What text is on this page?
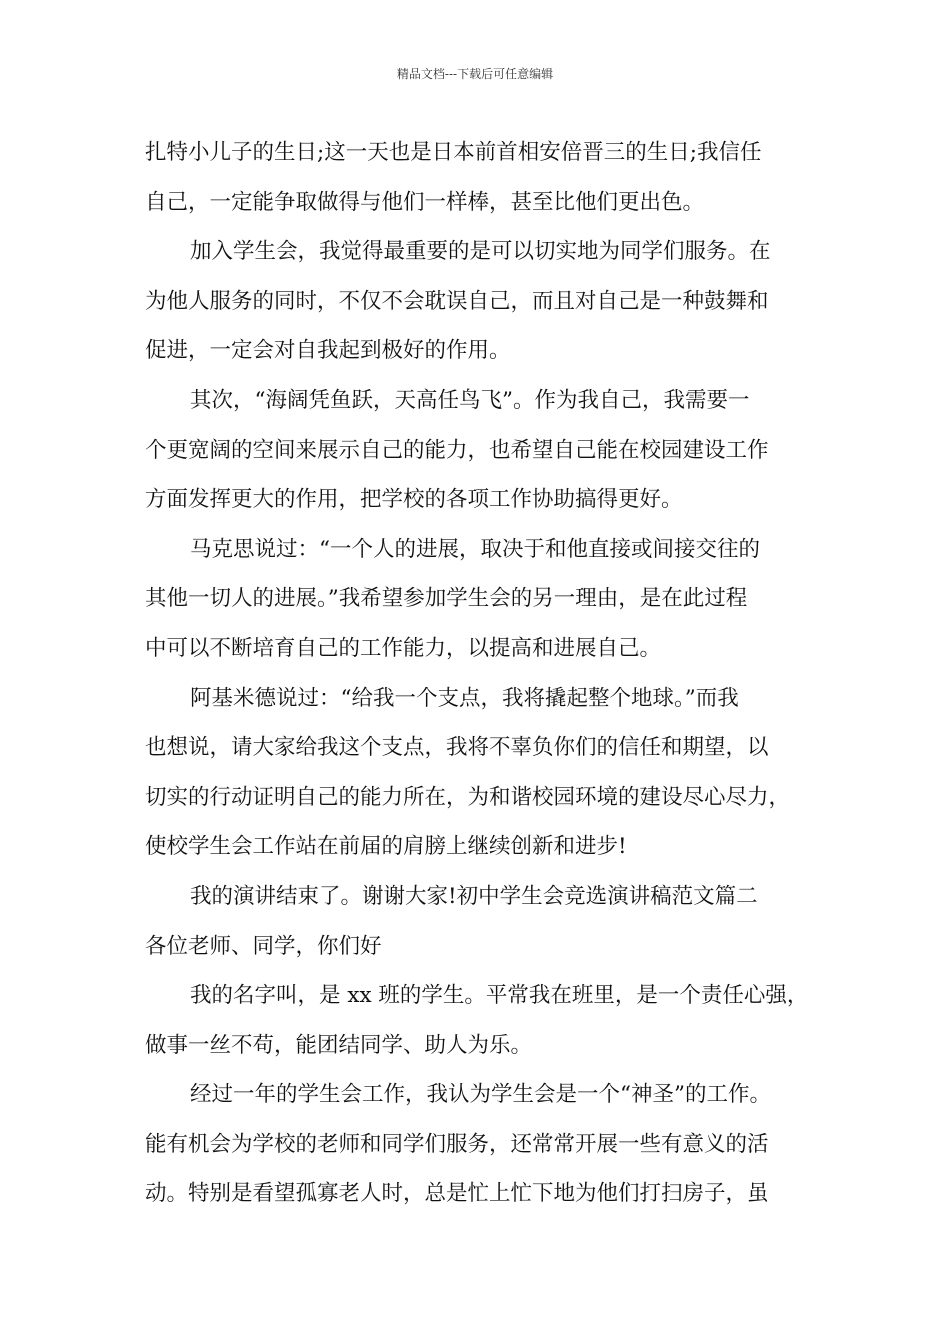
精品文档---下载后可任意编辑
扎特小儿子的生日;这一天也是日本前首相安倍晋三的生日;我信任
自己，一定能争取做得与他们一样棒，甚至比他们更出色。
加入学生会，我觉得最重要的是可以切实地为同学们服务。在
为他人服务的同时，不仅不会耽误自己，而且对自己是一种鼓舞和
促进，一定会对自我起到极好的作用。
其次，“海阔凭鱼跃，天高任鸟飞”。作为我自己，我需要一
个更宽阔的空间来展示自己的能力，也希望自己能在校园建设工作
方面发挥更大的作用，把学校的各项工作协助搞得更好。
马克思说过：“一个人的进展，取决于和他直接或间接交往的
其他一切人的进展。”我希望参加学生会的另一理由，是在此过程
中可以不断培育自己的工作能力，以提高和进展自己。
阿基米德说过：“给我一个支点，我将撬起整个地球。”而我
也想说，请大家给我这个支点，我将不辜负你们的信任和期望，以
切实的行动证明自己的能力所在，为和谐校园环境的建设尽心尽力，
使校学生会工作站在前届的肩膀上继续创新和进步!
我的演讲结束了。谢谢大家!初中学生会竞选演讲稿范文篇二
各位老师、同学，你们好
我的名字叫，是 xx 班的学生。平常我在班里，是一个责任心强，
做事一丝不苟，能团结同学、助人为乐。
经过一年的学生会工作，我认为学生会是一个“神圣”的工作。
能有机会为学校的老师和同学们服务，还常常开展一些有意义的活
动。特别是看望孤寡老人时，总是忙上忙下地为他们打扫房子，虽
